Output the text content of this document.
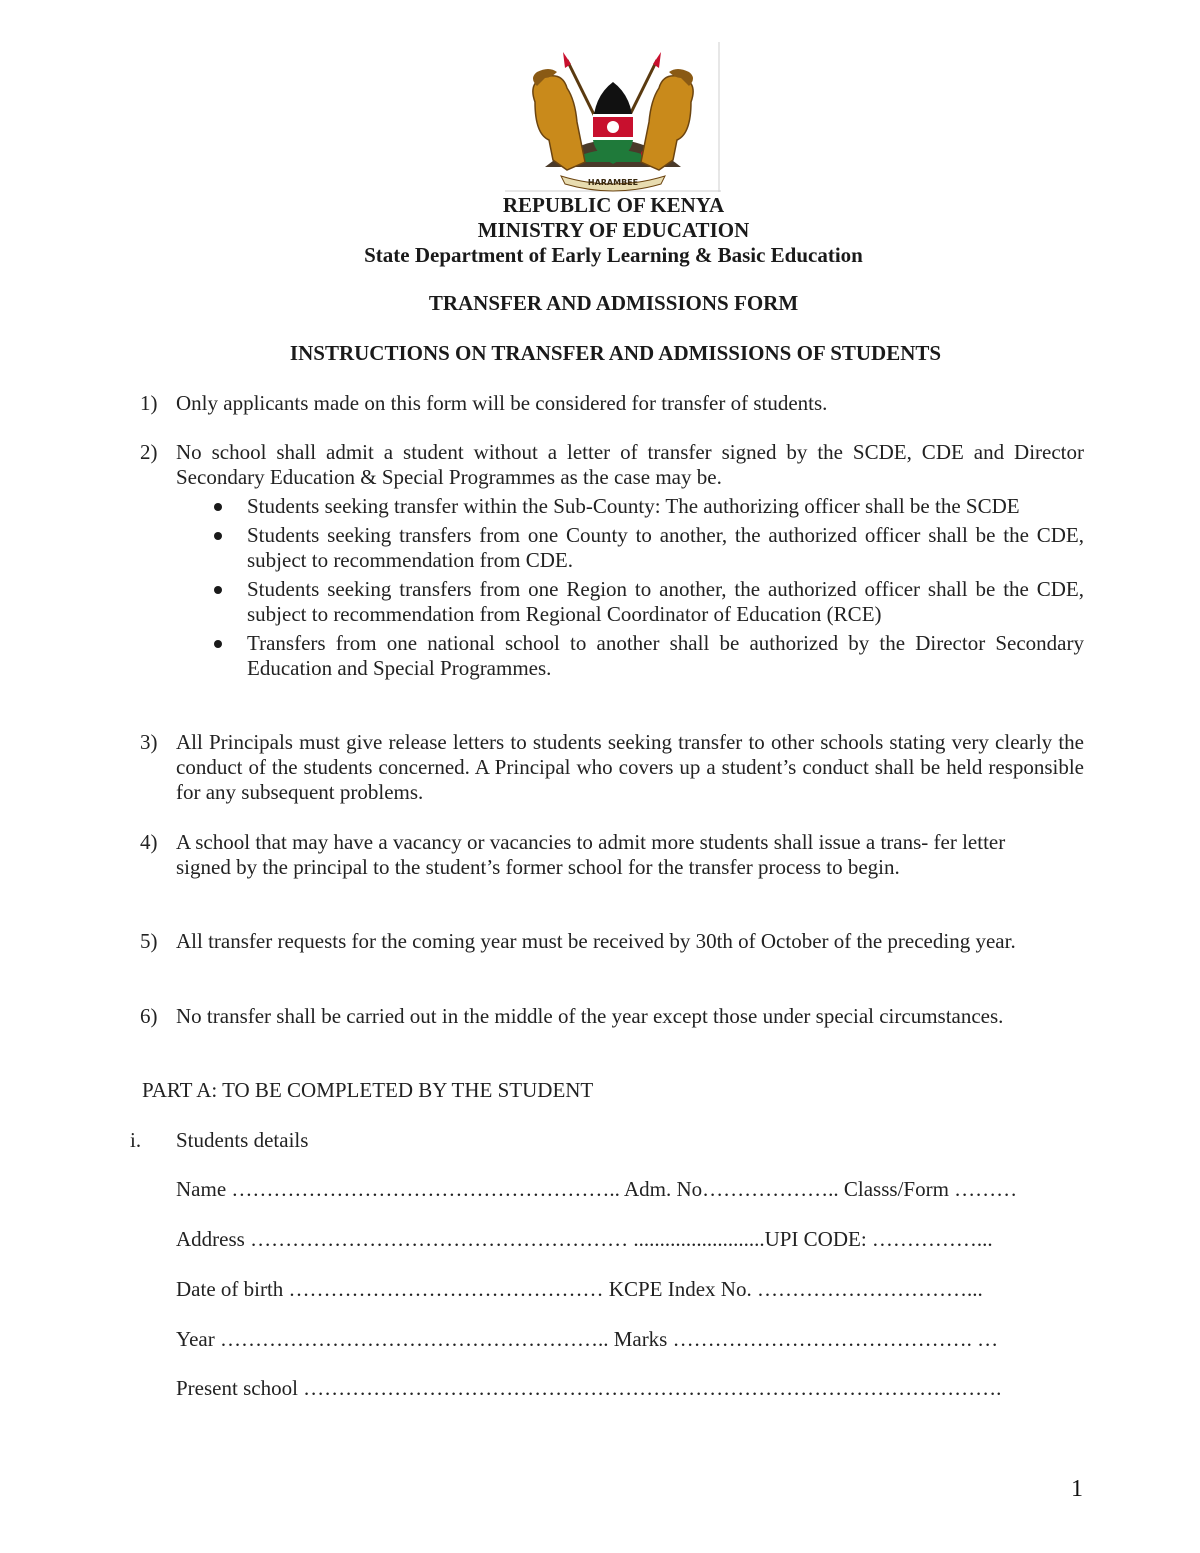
HARAMBEE
REPUBLIC OF KENYA
MINISTRY OF EDUCATION
State Department of Early Learning & Basic Education
TRANSFER AND ADMISSIONS FORM
INSTRUCTIONS ON TRANSFER AND ADMISSIONS OF STUDENTS
1) Only applicants made on this form will be considered for transfer of students.
2) No school shall admit a student without a letter of transfer signed by the SCDE, CDE and Director Secondary Education & Special Programmes as the case may be.
Students seeking transfer within the Sub-County: The authorizing officer shall be the SCDE
Students seeking transfers from one County to another, the authorized officer shall be the CDE, subject to recommendation from CDE.
Students seeking transfers from one Region to another, the authorized officer shall be the CDE, subject to recommendation from Regional Coordinator of Education (RCE)
Transfers from one national school to another shall be authorized by the Director Secondary Education and Special Programmes.
3) All Principals must give release letters to students seeking transfer to other schools stating very clearly the conduct of the students concerned. A Principal who covers up a student’s conduct shall be held responsible for any subsequent problems.
4) A school that may have a vacancy or vacancies to admit more students shall issue a trans- fer letter signed by the principal to the student’s former school for the transfer process to begin.
5) All transfer requests for the coming year must be received by 30th of October of the preceding year.
6) No transfer shall be carried out in the middle of the year except those under special circumstances.
PART A: TO BE COMPLETED BY THE STUDENT
i. Students details
Name ……………………………………………….. Adm. No……………….. Classs/Form ………
Address ……………………………………………… .........................UPI CODE: ……………...
Date of birth ……………………………………… KCPE Index No. …………………………...
Year ……………………………………………….. Marks ……………………………………. …
Present school ……………………………………………………………………………………….
1
